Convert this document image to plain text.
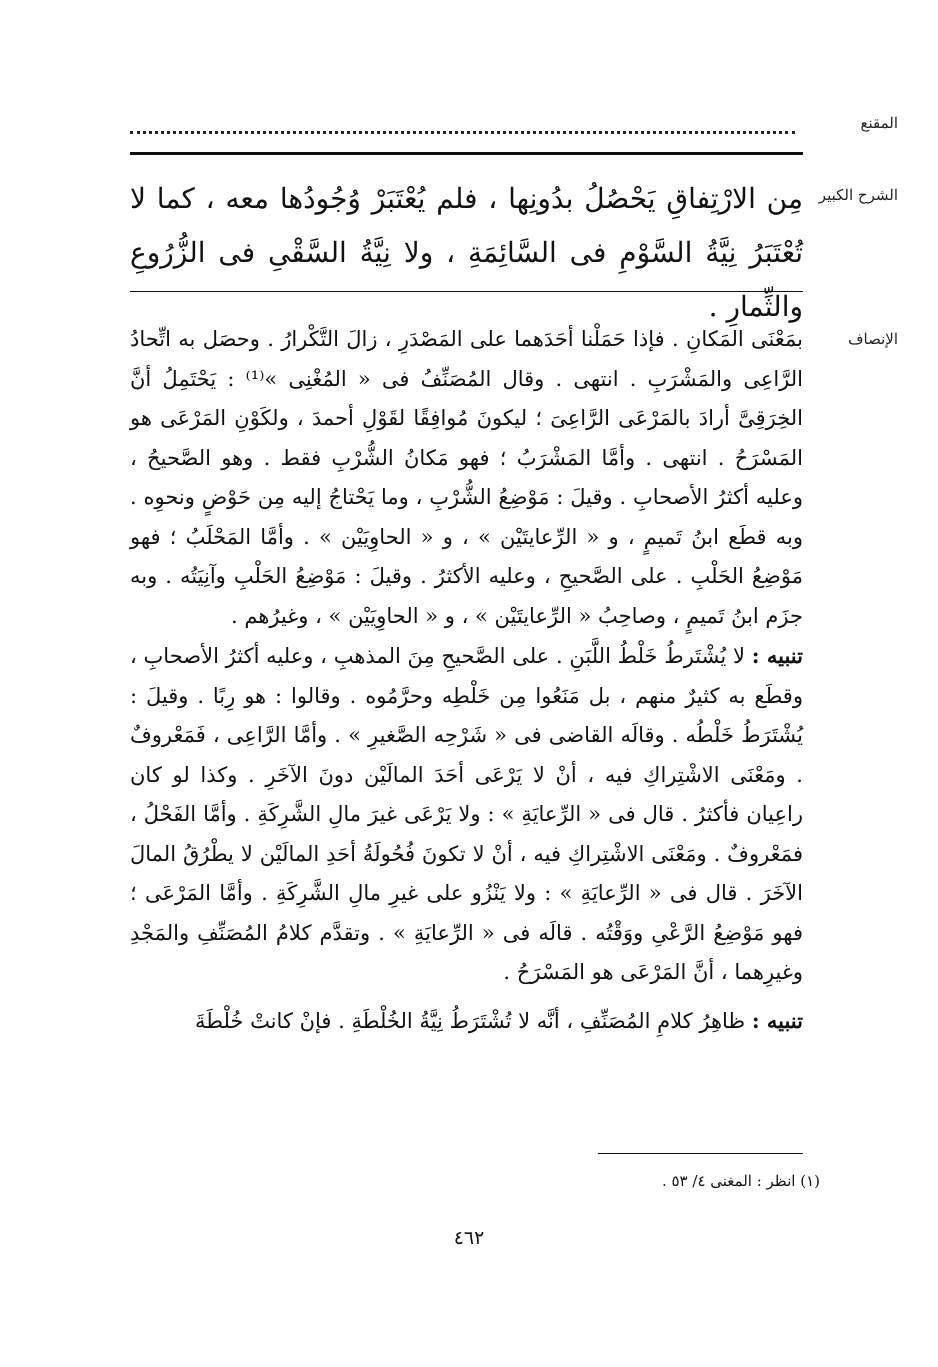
المقنع
الشرح الكبير

مِن الارْتِفاقِ يَحْصُلُ بدُونِها ، فلم يُعْتَبَرْ وُجُودُها معه ، كما لا تُعْتَبَرُ نِيَّةُ السَّوْمِ فى السَّائِمَةِ ، ولا نِيَّةُ السَّقْىِ فى الزُّرُوعِ والثِّمارِ .

الإنصاف

بمَعْنَى المَكانِ . فإذا حَمَلْنا أحَدَهما على المَصْدَرِ ، زالَ التَّكْرارُ . وحصَل به اتِّحادُ الرَّاعِى والمَشْرَبِ . انتهى . وقال المُصَنِّفُ فى « المُغْنِى »⁽¹⁾ : يَحْتَمِلُ أنَّ الخِرَقِىَّ أرادَ بالمَرْعَى الرَّاعِىَ ؛ ليكونَ مُوافِقًا لقَوْلِ أحمدَ ، ولكَوْنِ المَرْعَى هو المَسْرَحُ . انتهى . وأمَّا المَشْرَبُ ؛ فهو مَكانُ الشُّرْبِ فقط . وهو الصَّحيحُ ، وعليه أكثرُ الأصحابِ . وقيلَ : مَوْضِعُ الشُّرْبِ ، وما يَحْتاجُ إليه مِن حَوْضٍ ونحوِه . وبه قطَع ابنُ تَميمٍ ، و « الرِّعايتَيْن » ، و « الحاوِيَيْن » . وأمَّا المَحْلَبُ ؛ فهو مَوْضِعُ الحَلْبِ . على الصَّحيحِ ، وعليه الأكثرُ . وقيلَ : مَوْضِعُ الحَلْبِ وآنِيَتُه . وبه جزَم ابنُ تَميمٍ ، وصاحِبُ « الرِّعايتَيْن » ، و « الحاوِيَيْن » ، وغيرُهم .

تنبيه : لا يُشْتَرطُ خَلْطُ اللَّبَنِ . على الصَّحيحِ مِنَ المذهبِ ، وعليه أكثرُ الأصحابِ ، وقطَع به كثيرٌ منهم ، بل مَنَعُوا مِن خَلْطِه وحرَّمُوه . وقالوا : هو رِبًا . وقيلَ : يُشْتَرَطُ خَلْطُه . وقالَه القاضى فى « شَرْحِه الصَّغيرِ » . وأمَّا الرَّاعِى ، فَمَعْروفٌ . ومَعْنَى الاشْتِراكِ فيه ، أنْ لا يَرْعَى أحَدَ المالَيْن دونَ الآخَرِ . وكذا لو كان راعِيان فأكثرُ . قال فى « الرِّعايَةِ » : ولا يَرْعَى غيرَ مالِ الشَّرِكَةِ . وأمَّا الفَحْلُ ، فمَعْروفٌ . ومَعْنَى الاشْتِراكِ فيه ، أنْ لا تكونَ فُحُولَةُ أحَدِ المالَيْن لا يطْرُقُ المالَ الآخَرَ . قال فى « الرِّعايَةِ » : ولا يَنْزُو على غيرِ مالِ الشَّرِكَةِ . وأمَّا المَرْعَى ؛ فهو مَوْضِعُ الرَّعْىِ ووَقْتُه . قالَه فى « الرِّعايَةِ » . وتقدَّم كلامُ المُصَنِّفِ والمَجْدِ وغيرِهما ، أنَّ المَرْعَى هو المَسْرَحُ .

تنبيه : ظاهِرُ كلامِ المُصَنِّفِ ، أنَّه لا تُشْتَرَطُ نِيَّةُ الخُلْطَةِ . فإنْ كانتْ خُلْطَةَ

(١) انظر : المغنى ٤/ ٥٣ .
٤٦٢
